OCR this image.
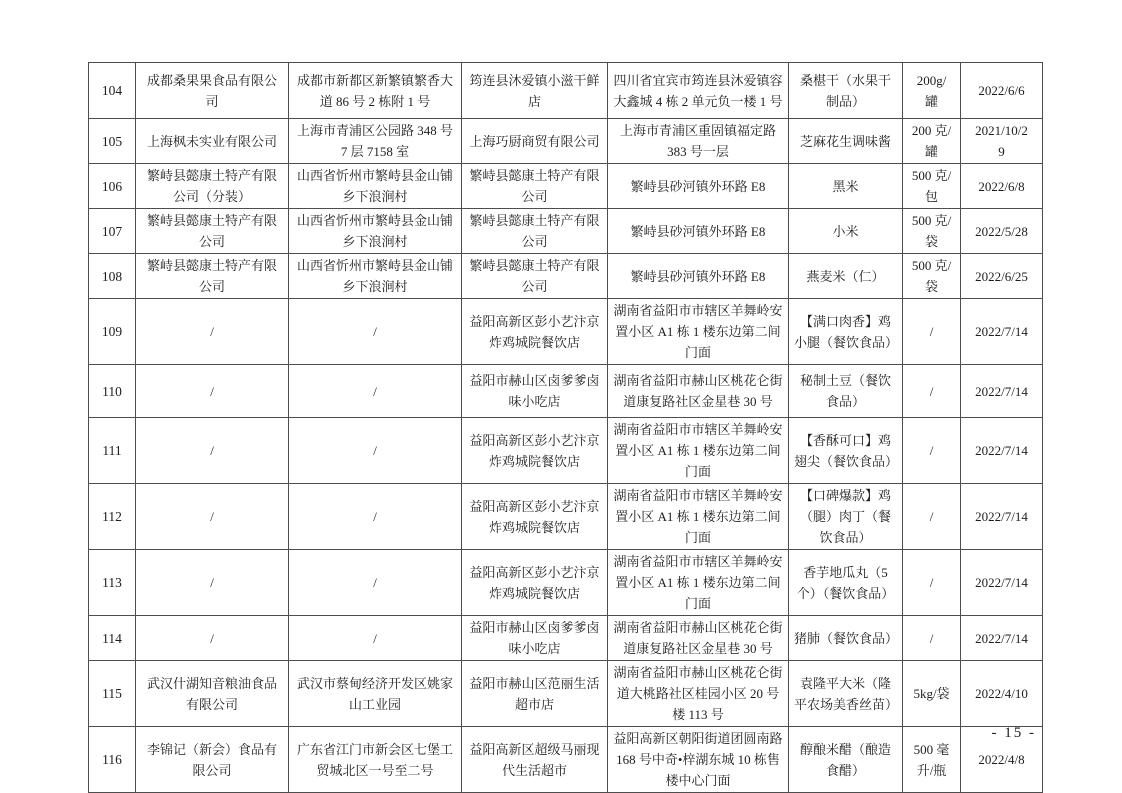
104	成都桑果果食品有限公司	成都市新都区新繁镇繁香大道 86 号 2 栋附 1 号	筠连县沐爱镇小滋干鲜店	四川省宜宾市筠连县沐爱镇容大鑫城 4 栋 2 单元负一楼 1 号	桑椹干（水果干制品）	200g/罐	2022/6/6
105	上海枫未实业有限公司	上海市青浦区公园路 348 号 7 层 7158 室	上海巧厨商贸有限公司	上海市青浦区重固镇福定路 383 号一层	芝麻花生调味酱	200 克/罐	2021/10/29
106	繁峙县懿康土特产有限公司（分装）	山西省忻州市繁峙县金山铺乡下浪涧村	繁峙县懿康土特产有限公司	繁峙县砂河镇外环路 E8	黑米	500 克/包	2022/6/8
107	繁峙县懿康土特产有限公司	山西省忻州市繁峙县金山铺乡下浪涧村	繁峙县懿康土特产有限公司	繁峙县砂河镇外环路 E8	小米	500 克/袋	2022/5/28
108	繁峙县懿康土特产有限公司	山西省忻州市繁峙县金山铺乡下浪涧村	繁峙县懿康土特产有限公司	繁峙县砂河镇外环路 E8	燕麦米（仁）	500 克/袋	2022/6/25
109	/	/	益阳高新区彭小艺汴京炸鸡城院餐饮店	湖南省益阳市市辖区羊舞岭安置小区 A1 栋 1 楼东边第二间门面	【满口肉香】鸡小腿（餐饮食品）	/	2022/7/14
110	/	/	益阳市赫山区卤爹爹卤味小吃店	湖南省益阳市赫山区桃花仑街道康复路社区金星巷 30 号	秘制土豆（餐饮食品）	/	2022/7/14
111	/	/	益阳高新区彭小艺汴京炸鸡城院餐饮店	湖南省益阳市市辖区羊舞岭安置小区 A1 栋 1 楼东边第二间门面	【香酥可口】鸡翅尖（餐饮食品）	/	2022/7/14
112	/	/	益阳高新区彭小艺汴京炸鸡城院餐饮店	湖南省益阳市市辖区羊舞岭安置小区 A1 栋 1 楼东边第二间门面	【口碑爆款】鸡（腿）肉丁（餐饮食品）	/	2022/7/14
113	/	/	益阳高新区彭小艺汴京炸鸡城院餐饮店	湖南省益阳市市辖区羊舞岭安置小区 A1 栋 1 楼东边第二间门面	香芋地瓜丸（5 个）（餐饮食品）	/	2022/7/14
114	/	/	益阳市赫山区卤爹爹卤味小吃店	湖南省益阳市赫山区桃花仑街道康复路社区金星巷 30 号	猪肺（餐饮食品）	/	2022/7/14
115	武汉什湖知音粮油食品有限公司	武汉市蔡甸经济开发区姚家山工业园	益阳市赫山区范丽生活超市店	湖南省益阳市赫山区桃花仑街道大桃路社区桂园小区 20 号楼 113 号	袁隆平大米（隆平农场美香丝苗）	5kg/袋	2022/4/10
116	李锦记（新会）食品有限公司	广东省江门市新会区七堡工贸城北区一号至二号	益阳高新区超级马丽现代生活超市	益阳高新区朝阳街道团圆南路 168 号中奇•梓湖东城 10 栋售楼中心门面	醇酿米醋（酿造食醋）	500 毫升/瓶	2022/4/8
- 15 -
